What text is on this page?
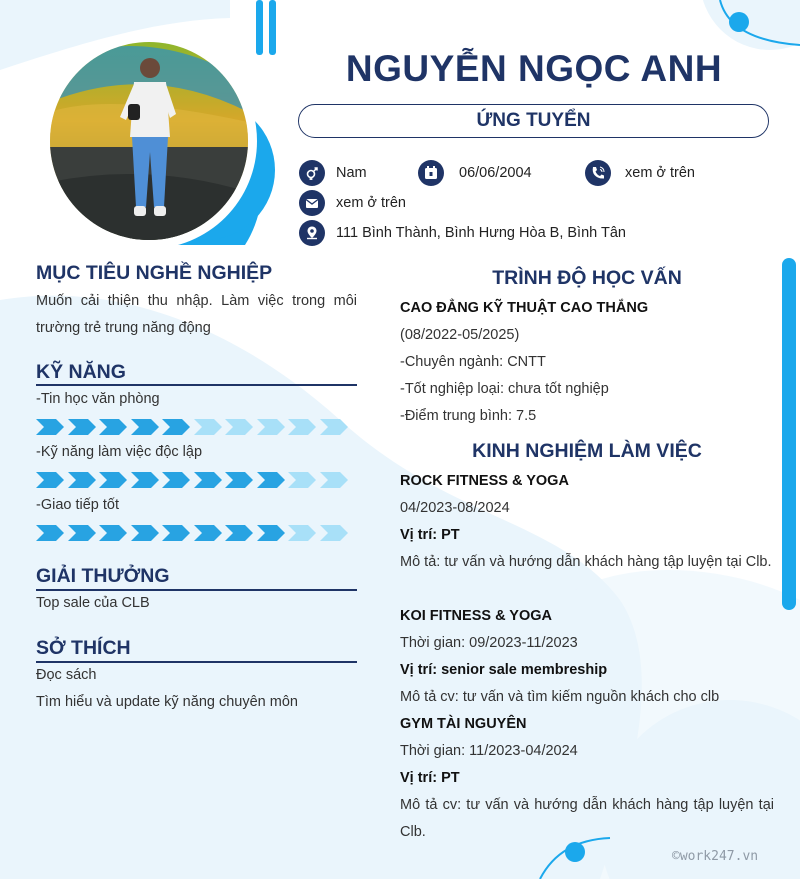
NGUYỄN NGỌC ANH
ỨNG TUYỂN
Nam	06/06/2004	xem ở trên
xem ở trên
111 Bình Thành, Bình Hưng Hòa B, Bình Tân
MỤC TIÊU NGHỀ NGHIỆP
Muốn cải thiện thu nhập. Làm việc trong môi trường trẻ trung năng động
KỸ NĂNG
-Tin học văn phòng
-Kỹ năng làm việc độc lập
-Giao tiếp tốt
GIẢI THƯỞNG
Top sale của CLB
SỞ THÍCH
Đọc sách
Tìm hiểu và update kỹ năng chuyên môn
TRÌNH ĐỘ HỌC VẤN
CAO ĐẲNG KỸ THUẬT CAO THẮNG
(08/2022-05/2025)
-Chuyên ngành: CNTT
-Tốt nghiệp loại: chưa tốt nghiệp
-Điểm trung bình: 7.5
KINH NGHIỆM LÀM VIỆC
ROCK FITNESS & YOGA
04/2023-08/2024
Vị trí: PT
Mô tả: tư vấn và hướng dẫn khách hàng tập luyện tại Clb.
KOI FITNESS & YOGA
Thời gian: 09/2023-11/2023
Vị trí: senior sale membreship
Mô tả cv: tư vấn và tìm kiếm nguồn khách cho clb
GYM TÀI NGUYÊN
Thời gian: 11/2023-04/2024
Vị trí: PT
Mô tả cv: tư vấn và hướng dẫn khách hàng tập luyện tại Clb.
©work247.vn
